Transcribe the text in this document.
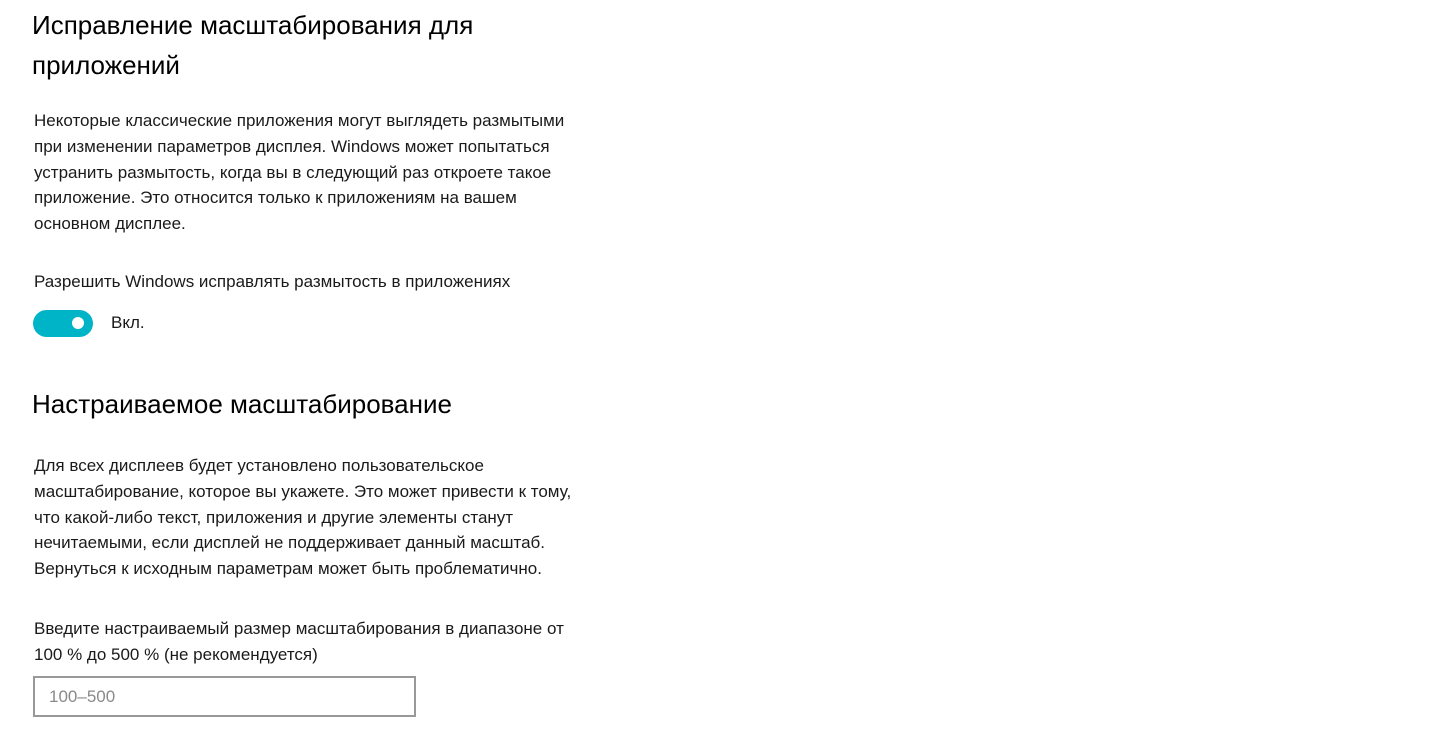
Исправление масштабирования для
приложений

Некоторые классические приложения могут выглядеть размытыми
при изменении параметров дисплея. Windows может попытаться
устранить размытость, когда вы в следующий раз откроете такое
приложение. Это относится только к приложениям на вашем
основном дисплее.

Разрешить Windows исправлять размытость в приложениях

Вкл.
Настраиваемое масштабирование

Для всех дисплеев будет установлено пользовательское
масштабирование, которое вы укажете. Это может привести к тому,
что какой-либо текст, приложения и другие элементы станут
нечитаемыми, если дисплей не поддерживает данный масштаб.
Вернуться к исходным параметрам может быть проблематично.

Введите настраиваемый размер масштабирования в диапазоне от
100 % до 500 % (не рекомендуется)

100–500
